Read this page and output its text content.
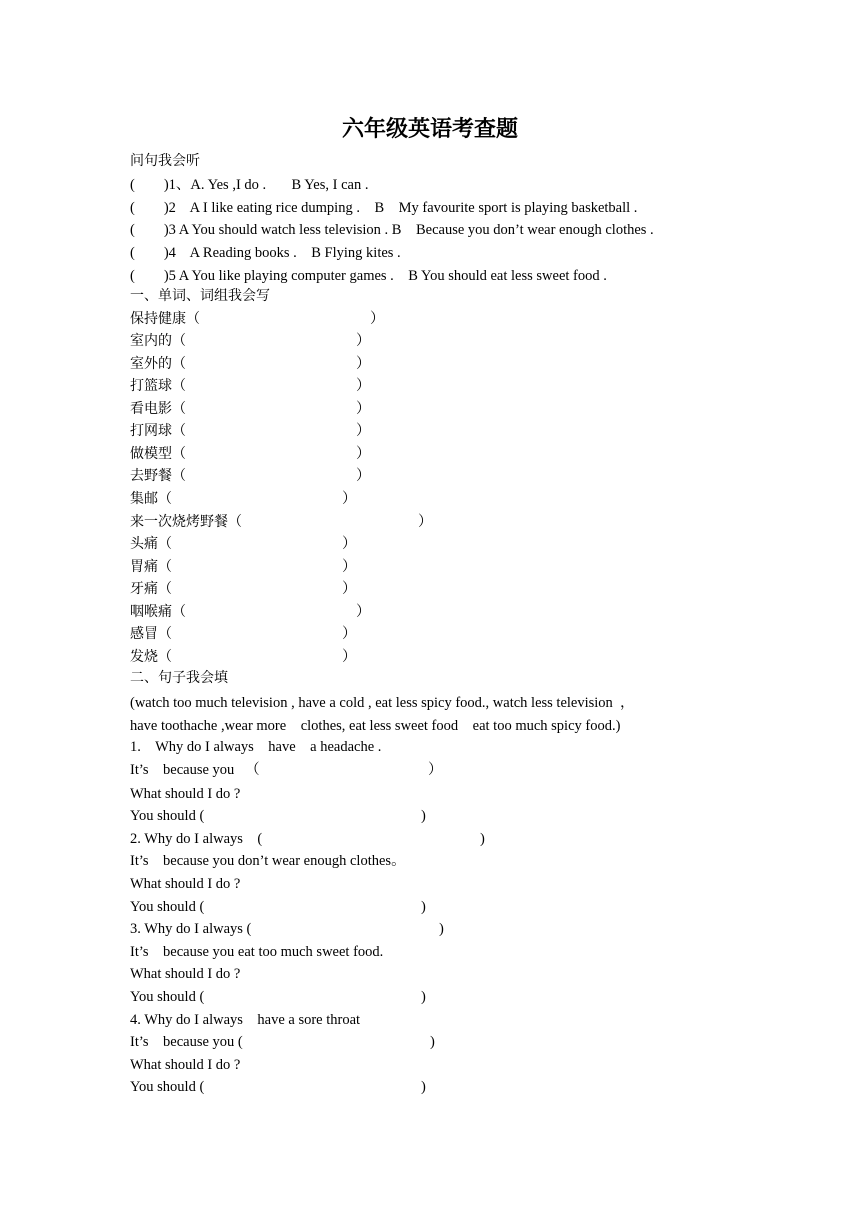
六年级英语考查题
问句我会听
(        )1、A. Yes ,I do .       B Yes, I can .
(        )2    A I like eating rice dumping .    B    My favourite sport is playing basketball .
(        )3 A You should watch less television . B    Because you don’t wear enough clothes .
(        )4    A Reading books .    B Flying kites .
(        )5 A You like playing computer games .    B You should eat less sweet food .
一、单词、词组我会写
保持健康（	）
室内的（	）
室外的（	）
打篮球（	）
看电影（	）
打网球（	）
做模型（	）
去野餐（	）
集邮（	）
来一次烧烤野餐（	）
头痛（	）
胃痛（	）
牙痛（	）
咽喉痛（	）
感冒（	）
发烧（	）
二、句子我会填
(watch too much television , have a cold , eat less spicy food., watch less television  ，
have toothache ,wear more    clothes, eat less sweet food    eat too much spicy food.)
1.    Why do I always    have    a headache .
It’s    because you   （	）
What should I do ?
You should (	)
2. Why do I always    (	)
It’s    because you don’t wear enough clothes。
What should I do ?
You should (	)
3. Why do I always (	)
It’s    because you eat too much sweet food.
What should I do ?
You should (	)
4. Why do I always    have a sore throat
It’s    because you (	)
What should I do ?
You should (	)
